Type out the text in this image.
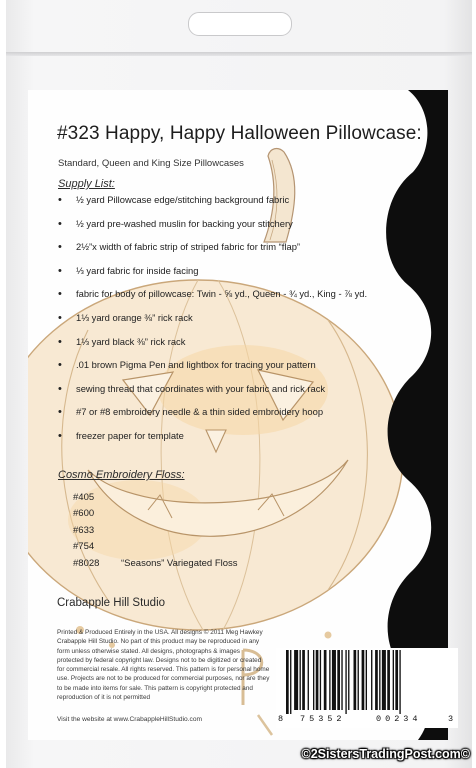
#323 Happy, Happy Halloween Pillowcase:
Standard, Queen and King Size Pillowcases
Supply List:
• ½ yard Pillowcase edge/stitching background fabric
• ½ yard pre-washed muslin for backing your stitchery
• 2½”x width of fabric strip of striped fabric for trim “flap”
• ⅓ yard fabric for inside facing
• fabric for body of pillowcase: Twin - ⅝ yd., Queen - ¾ yd., King - ⅞ yd.
• 1⅓ yard orange ⅜” rick rack
• 1⅓ yard black ⅜” rick rack
• .01 brown Pigma Pen and lightbox for tracing your pattern
• sewing thread that coordinates with your fabric and rick rack
• #7 or #8 embroidery needle & a thin sided embroidery hoop
• freezer paper for template
Cosmo Embroidery Floss:
#405
#600
#633
#754
#8028 “Seasons” Variegated Floss
Crabapple Hill Studio
Printed & Produced Entirely in the USA. All designs © 2011 Meg Hawkey
Crabapple Hill Studio. No part of this product may be reproduced in any
form unless otherwise stated. All designs, photographs & images
protected by federal copyright law. Designs not to be digitized or created
for commercial resale. All rights reserved. This pattern is for personal home
use. Projects are not to be produced for commercial purposes, nor are they
to be made into items for sale. This pattern is copyright protected and
reproduction of it is not permitted
Visit the website at www.CrabappleHillStudio.com	8 75352	00234	3
©2SistersTradingPost.com©
